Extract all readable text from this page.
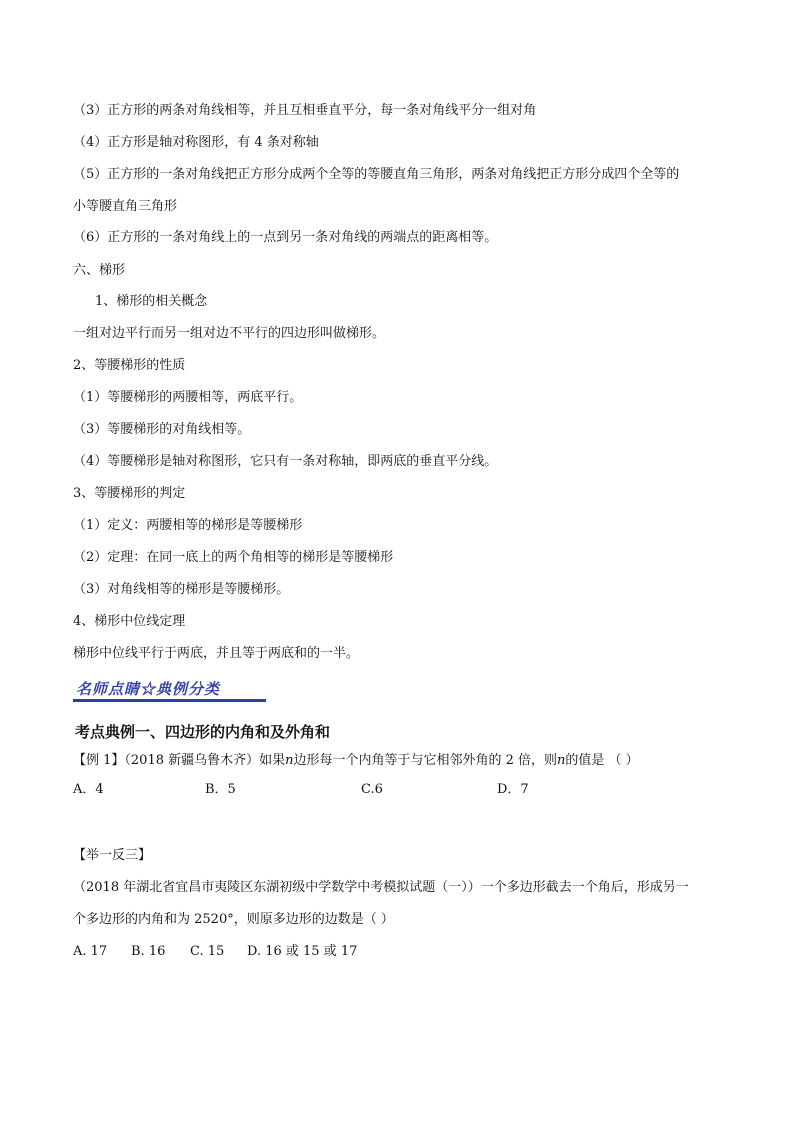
（3）正方形的两条对角线相等，并且互相垂直平分，每一条对角线平分一组对角
（4）正方形是轴对称图形，有 4 条对称轴
（5）正方形的一条对角线把正方形分成两个全等的等腰直角三角形，两条对角线把正方形分成四个全等的
小等腰直角三角形
（6）正方形的一条对角线上的一点到另一条对角线的两端点的距离相等。
六、梯形
1、梯形的相关概念
一组对边平行而另一组对边不平行的四边形叫做梯形。
2、等腰梯形的性质
（1）等腰梯形的两腰相等，两底平行。
（3）等腰梯形的对角线相等。
（4）等腰梯形是轴对称图形，它只有一条对称轴，即两底的垂直平分线。
3、等腰梯形的判定
（1）定义：两腰相等的梯形是等腰梯形
（2）定理：在同一底上的两个角相等的梯形是等腰梯形
（3）对角线相等的梯形是等腰梯形。
4、梯形中位线定理
梯形中位线平行于两底，并且等于两底和的一半。
名师点睛☆典例分类
考点典例一、四边形的内角和及外角和
【例 1】（2018 新疆乌鲁木齐）如果n边形每一个内角等于与它相邻外角的 2 倍，则n的值是 （ ）
A．4	B．5	C.6	D．7
【举一反三】
（2018 年湖北省宜昌市夷陵区东湖初级中学数学中考模拟试题（一））一个多边形截去一个角后，形成另一
个多边形的内角和为 2520°，则原多边形的边数是（ ）
A. 17 B. 16 C. 15 D. 16 或 15 或 17
